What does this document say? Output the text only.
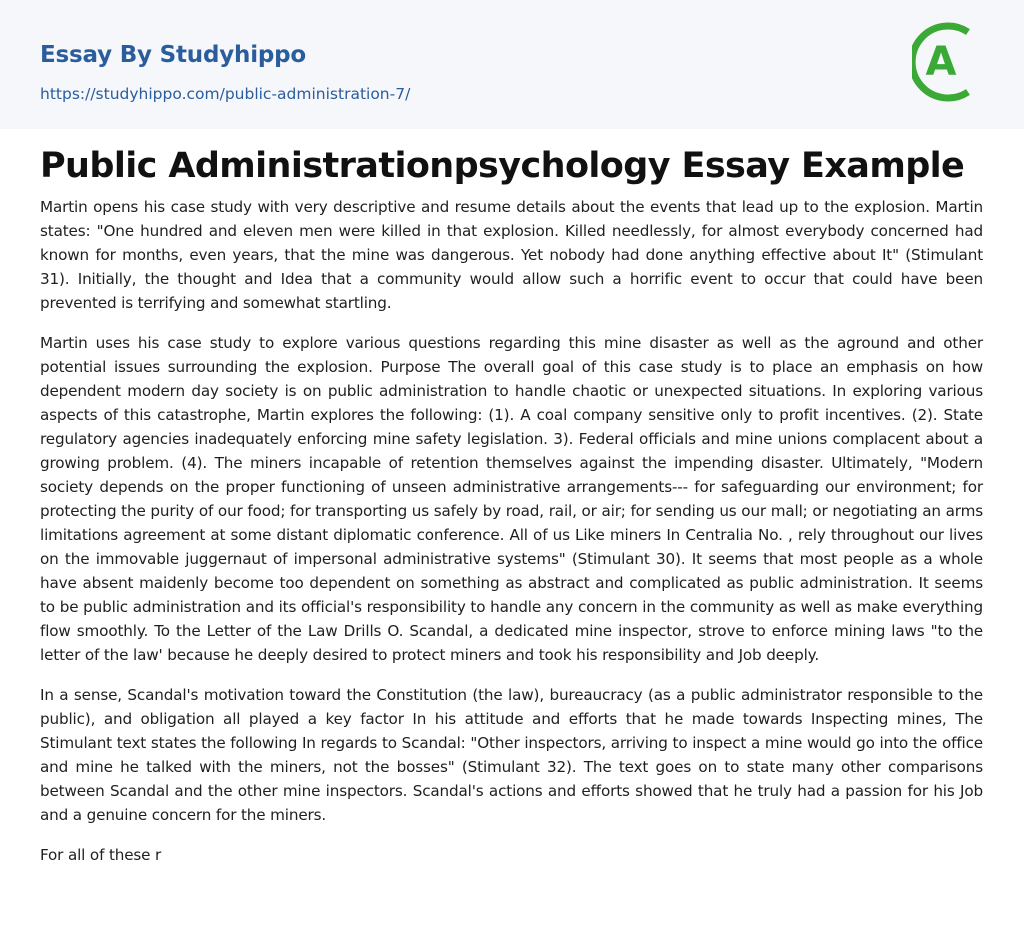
Essay By Studyhippo
https://studyhippo.com/public-administration-7/
A
Public Administrationpsychology Essay Example

Martin opens his case study with very descriptive and resume details about the events that lead up to the explosion. Martin states: "One hundred and eleven men were killed in that explosion. Killed needlessly, for almost everybody concerned had known for months, even years, that the mine was dangerous. Yet nobody had done anything effective about It" (Stimulant 31). Initially, the thought and Idea that a community would allow such a horrific event to occur that could have been prevented is terrifying and somewhat startling.

Martin uses his case study to explore various questions regarding this mine disaster as well as the aground and other potential issues surrounding the explosion. Purpose The overall goal of this case study is to place an emphasis on how dependent modern day society is on public administration to handle chaotic or unexpected situations. In exploring various aspects of this catastrophe, Martin explores the following: (1). A coal company sensitive only to profit incentives. (2). State regulatory agencies inadequately enforcing mine safety legislation. 3). Federal officials and mine unions complacent about a growing problem. (4). The miners incapable of retention themselves against the impending disaster. Ultimately, "Modern society depends on the proper functioning of unseen administrative arrangements--- for safeguarding our environment; for protecting the purity of our food; for transporting us safely by road, rail, or air; for sending us our mall; or negotiating an arms limitations agreement at some distant diplomatic conference. All of us Like miners In Centralia No. , rely throughout our lives on the immovable juggernaut of impersonal administrative systems" (Stimulant 30). It seems that most people as a whole have absent maidenly become too dependent on something as abstract and complicated as public administration. It seems to be public administration and its official's responsibility to handle any concern in the community as well as make everything flow smoothly. To the Letter of the Law Drills O. Scandal, a dedicated mine inspector, strove to enforce mining laws "to the letter of the law' because he deeply desired to protect miners and took his responsibility and Job deeply.

In a sense, Scandal's motivation toward the Constitution (the law), bureaucracy (as a public administrator responsible to the public), and obligation all played a key factor In his attitude and efforts that he made towards Inspecting mines, The Stimulant text states the following In regards to Scandal: "Other inspectors, arriving to inspect a mine would go into the office and mine he talked with the miners, not the bosses" (Stimulant 32). The text goes on to state many other comparisons between Scandal and the other mine inspectors. Scandal's actions and efforts showed that he truly had a passion for his Job and a genuine concern for the miners.

For all of these r
